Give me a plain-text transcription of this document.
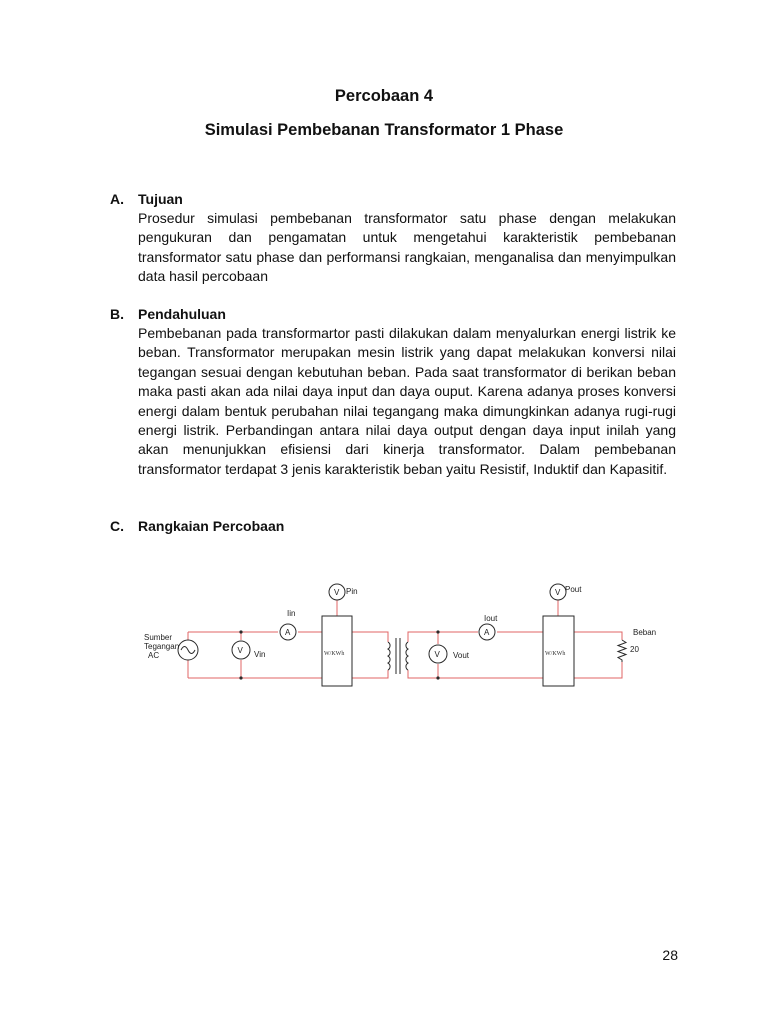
Percobaan 4
Simulasi Pembebanan Transformator 1 Phase
A.	Tujuan
Prosedur simulasi pembebanan transformator satu phase dengan melakukan pengukuran dan pengamatan untuk mengetahui karakteristik pembebanan transformator satu phase dan performansi rangkaian, menganalisa dan menyimpulkan data hasil percobaan
B.	Pendahuluan
Pembebanan pada transformartor pasti dilakukan dalam menyalurkan energi listrik ke beban. Transformator merupakan mesin listrik yang dapat melakukan konversi nilai tegangan sesuai dengan kebutuhan beban. Pada saat transformator di berikan beban maka pasti akan ada nilai daya input dan daya ouput. Karena adanya proses konversi energi dalam bentuk perubahan nilai tegangang maka dimungkinkan adanya rugi-rugi energi listrik. Perbandingan antara nilai daya output dengan daya input inilah yang akan menunjukkan efisiensi dari kinerja transformator. Dalam pembebanan transformator terdapat 3 jenis karakteristik beban yaitu Resistif, Induktif dan Kapasitif.
C.	Rangkaian Percobaan
V
A
V
V
A
V
W/KWh	W/KWh
Sumber
Tegangan
AC	Vin
Iin
Pin
Vout
Iout
Pout
Beban
20
28
